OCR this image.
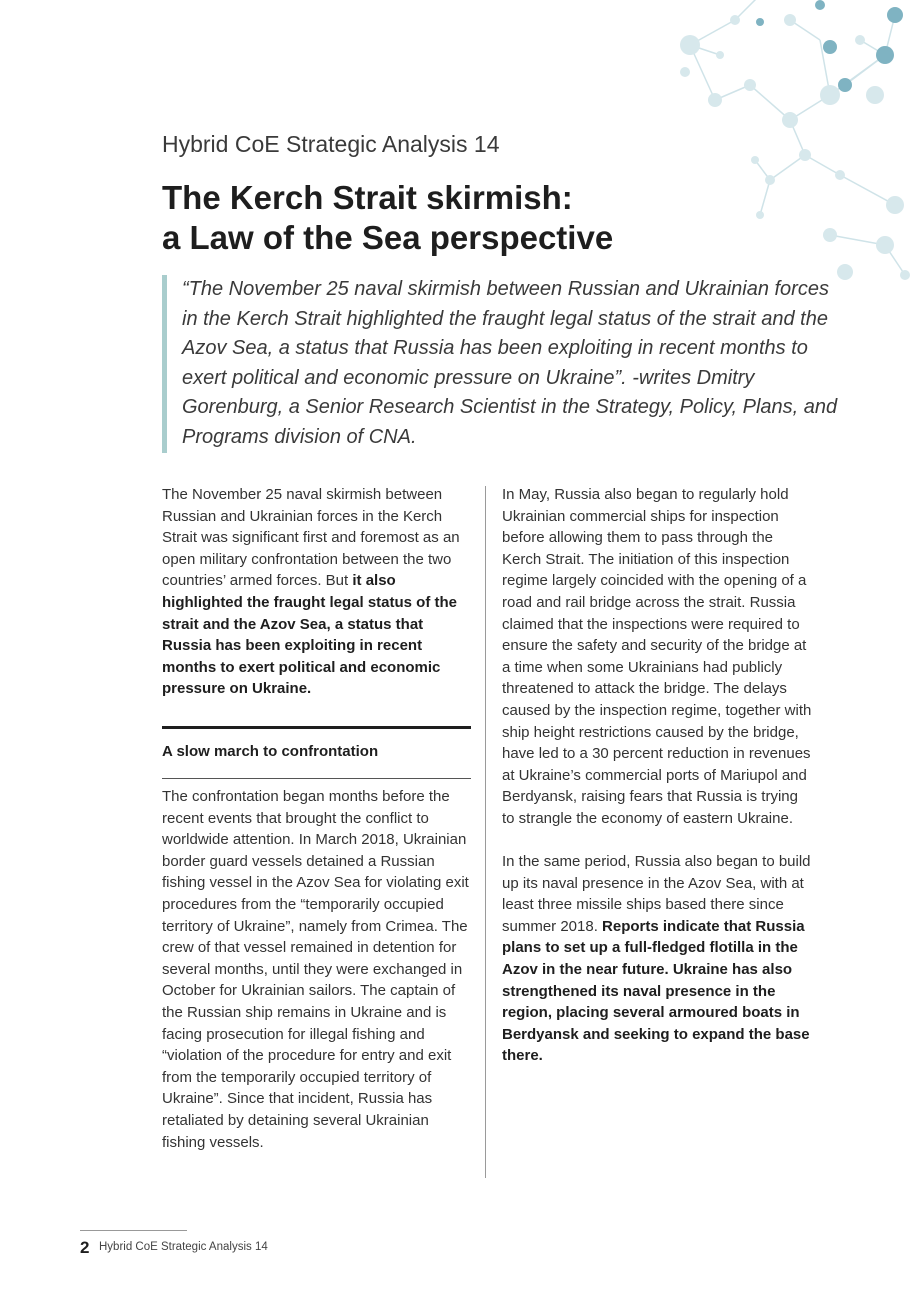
Hybrid CoE Strategic Analysis 14
The Kerch Strait skirmish:
a Law of the Sea perspective
“The November 25 naval skirmish between Russian and Ukrainian forces in the Kerch Strait highlighted the fraught legal status of the strait and the Azov Sea, a status that Russia has been exploiting in recent months to exert political and economic pressure on Ukraine”. -writes Dmitry Gorenburg, a Senior Research Scientist in the Strategy, Policy, Plans, and Programs division of CNA.

The November 25 naval skirmish between Russian and Ukrainian forces in the Kerch Strait was significant first and foremost as an open military confrontation between the two countries’ armed forces. But it also highlighted the fraught legal status of the strait and the Azov Sea, a status that Russia has been exploiting in recent months to exert political and economic pressure on Ukraine.

A slow march to confrontation

The confrontation began months before the recent events that brought the conflict to worldwide attention. In March 2018, Ukrainian border guard vessels detained a Russian fishing vessel in the Azov Sea for violating exit procedures from the “temporarily occupied territory of Ukraine”, namely from Crimea. The crew of that vessel remained in detention for several months, until they were exchanged in October for Ukrainian sailors. The captain of the Russian ship remains in Ukraine and is facing prosecution for illegal fishing and “violation of the procedure for entry and exit from the temporarily occupied territory of Ukraine”. Since that incident, Russia has retaliated by detaining several Ukrainian fishing vessels.

In May, Russia also began to regularly hold Ukrainian commercial ships for inspection before allowing them to pass through the Kerch Strait. The initiation of this inspection regime largely coincided with the opening of a road and rail bridge across the strait. Russia claimed that the inspections were required to ensure the safety and security of the bridge at a time when some Ukrainians had publicly threatened to attack the bridge. The delays caused by the inspection regime, together with ship height restrictions caused by the bridge, have led to a 30 percent reduction in revenues at Ukraine’s commercial ports of Mariupol and Berdyansk, raising fears that Russia is trying to strangle the economy of eastern Ukraine.

In the same period, Russia also began to build up its naval presence in the Azov Sea, with at least three missile ships based there since summer 2018. Reports indicate that Russia plans to set up a full-fledged flotilla in the Azov in the near future. Ukraine has also strengthened its naval presence in the region, placing several armoured boats in Berdyansk and seeking to expand the base there.

2 Hybrid CoE Strategic Analysis 14
